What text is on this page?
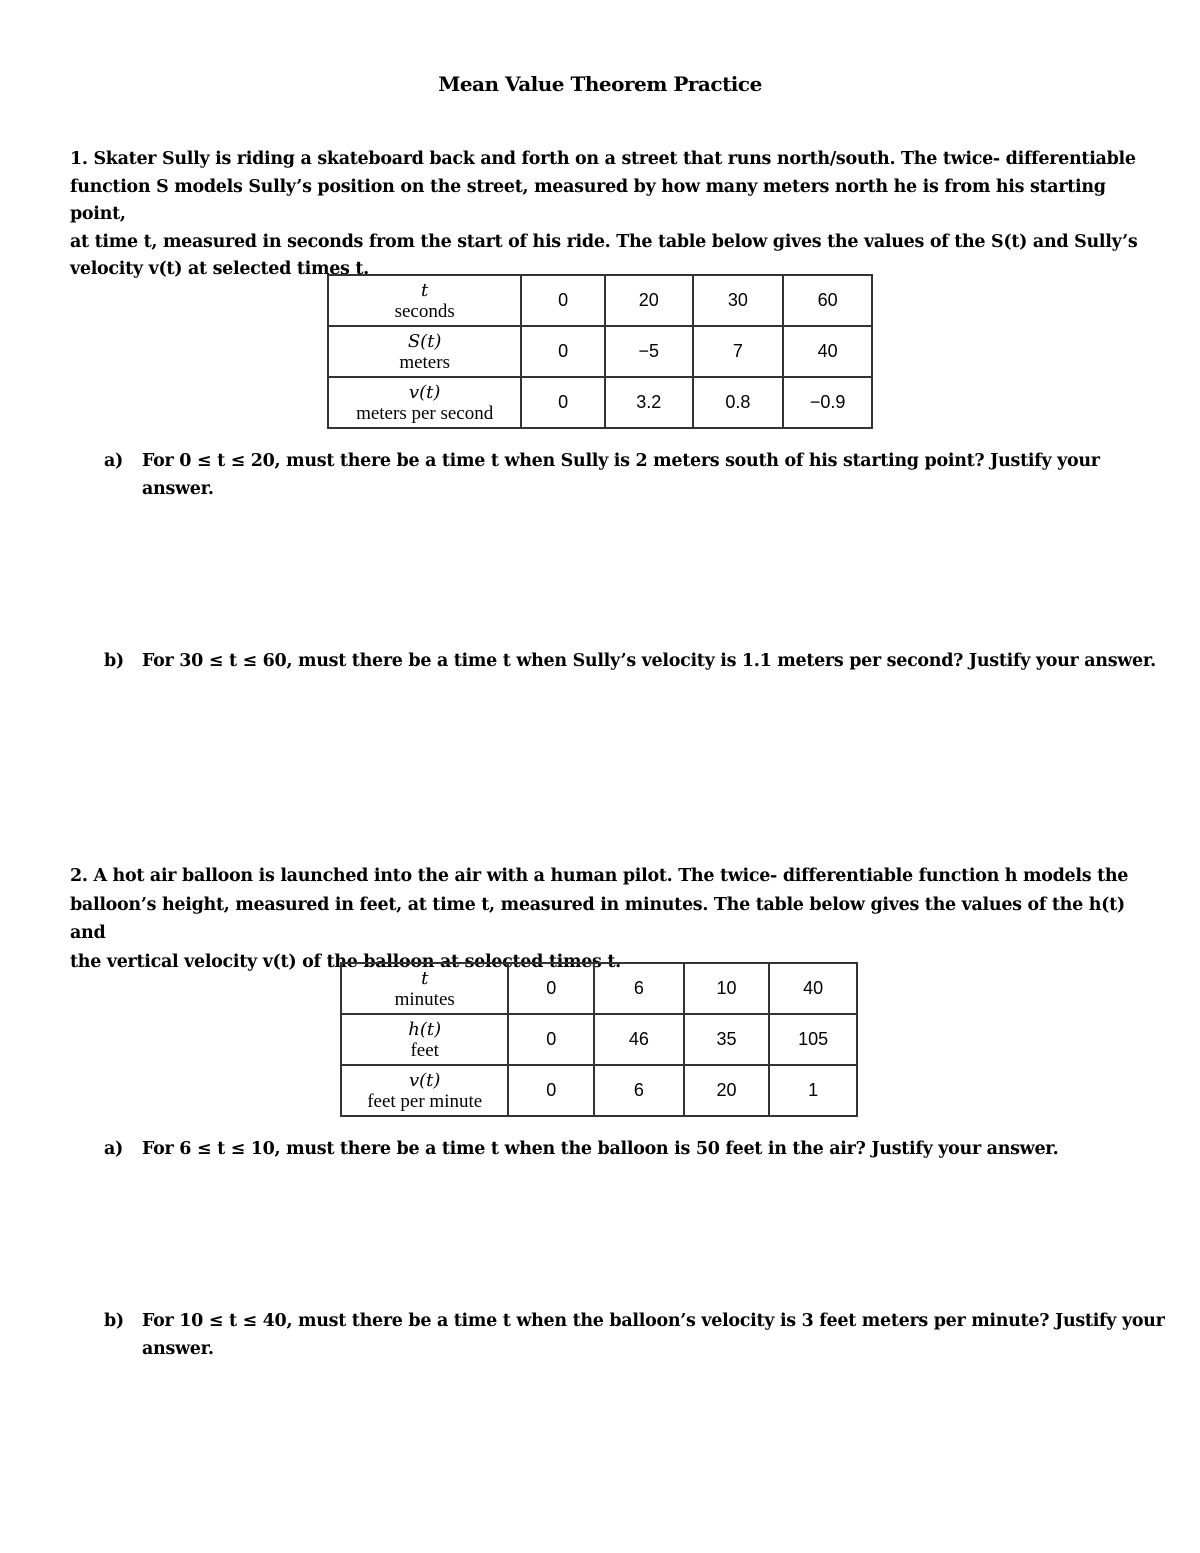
Mean Value Theorem Practice
1. Skater Sully is riding a skateboard back and forth on a street that runs north/south. The twice- differentiable
function S models Sully’s position on the street, measured by how many meters north he is from his starting point,
at time t, measured in seconds from the start of his ride. The table below gives the values of the S(t) and Sully’s
velocity v(t) at selected times t.
t
seconds	0	20	30	60

S(t)
meters	0	−5	7	40

v(t)
meters per second	0	3.2	0.8	−0.9
a) For 0 ≤ t ≤ 20, must there be a time t when Sully is 2 meters south of his starting point? Justify your
answer.
b) For 30 ≤ t ≤ 60, must there be a time t when Sully’s velocity is 1.1 meters per second? Justify your answer.
2. A hot air balloon is launched into the air with a human pilot. The twice- differentiable function h models the
balloon’s height, measured in feet, at time t, measured in minutes. The table below gives the values of the h(t) and
the vertical velocity v(t) of the balloon at selected times t.
t
minutes	0	6	10	40

h(t)
feet	0	46	35	105

v(t)
feet per minute	0	6	20	1
a) For 6 ≤ t ≤ 10, must there be a time t when the balloon is 50 feet in the air? Justify your answer.
b) For 10 ≤ t ≤ 40, must there be a time t when the balloon’s velocity is 3 feet meters per minute? Justify your
answer.
